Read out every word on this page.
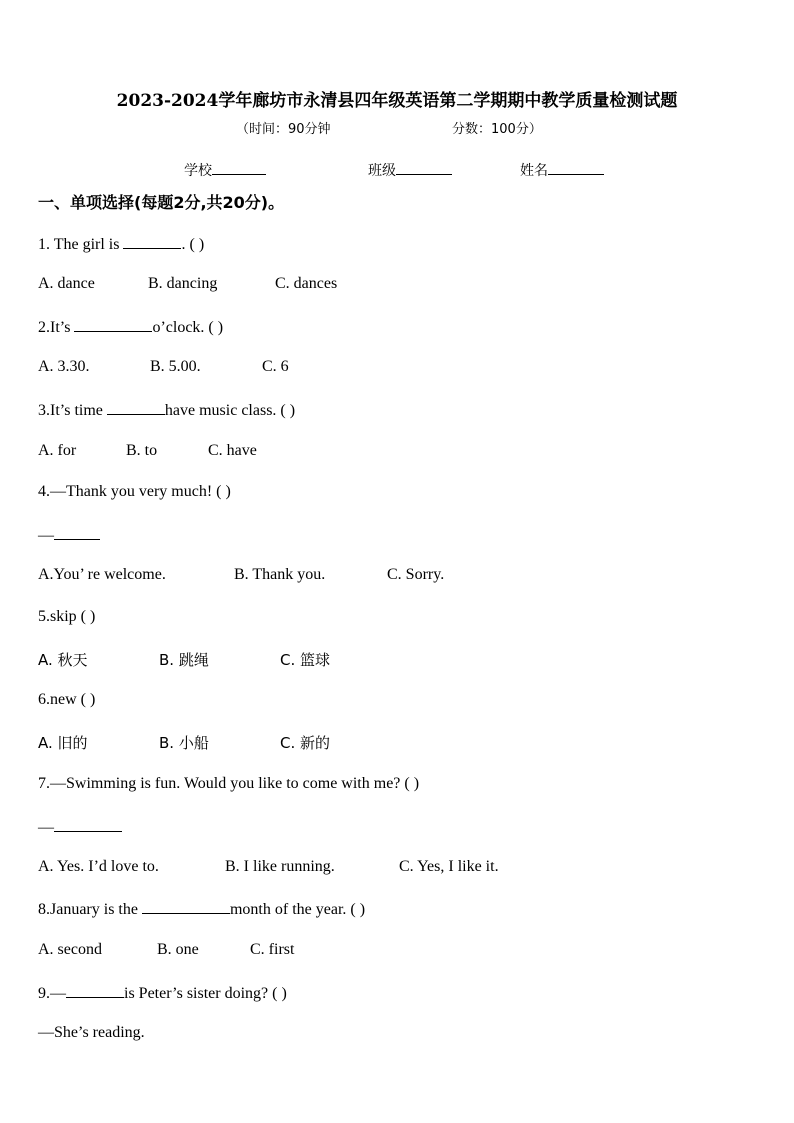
2023-2024学年廊坊市永清县四年级英语第二学期期中教学质量检测试题
（时间：90分钟	分数：100分）
学校	班级	姓名
一、单项选择(每题2分,共20分)。
1. The girl is	. ( )
A. dance	B. dancing	C. dances
2.It’s	o’clock. ( )
A. 3.30.	B. 5.00.	C. 6
3.It’s time	have music class. ( )
A. for	B. to	C. have
4.—Thank you very much! ( )
—
A.You’ re welcome.	B. Thank you.	C. Sorry.
5.skip ( )
A. 秋天	B. 跳绳	C. 篮球
6.new ( )
A. 旧的	B. 小船	C. 新的
7.—Swimming is fun. Would you like to come with me? ( )
—
A. Yes. I’d love to.	B. I like running.	C. Yes, I like it.
8.January is the	month of the year. ( )
A. second	B. one	C. first
9.—	is Peter’s sister doing? ( )
—She’s reading.
